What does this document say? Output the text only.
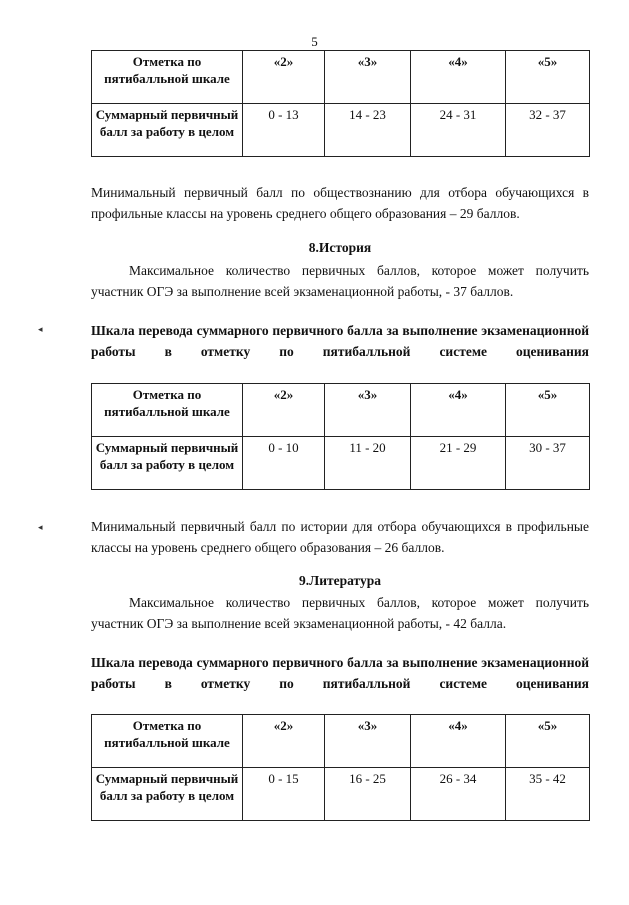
5
Отметка по пятибалльной шкале	«2»	«3»	«4»	«5»
Суммарный первичный балл за работу в целом	0 - 13	14 - 23	24 - 31	32 - 37
Минимальный первичный балл по обществознанию для отбора обучающихся в профильные классы на уровень среднего общего образования – 29 баллов.
8.История
Максимальное количество первичных баллов, которое может получить участник ОГЭ за выполнение всей экзаменационной работы, - 37 баллов.
◂	Шкала перевода суммарного первичного балла за выполнение экзаменационной работы в отметку по пятибалльной системе оценивания
Отметка по пятибалльной шкале	«2»	«3»	«4»	«5»
Суммарный первичный балл за работу в целом	0 - 10	11 - 20	21 - 29	30 - 37
◂	Минимальный первичный балл по истории для отбора обучающихся в профильные классы на уровень среднего общего образования – 26 баллов.
9.Литература
Максимальное количество первичных баллов, которое может получить участник ОГЭ за выполнение всей экзаменационной работы, - 42 балла.
Шкала перевода суммарного первичного балла за выполнение экзаменационной работы в отметку по пятибалльной системе оценивания
Отметка по пятибалльной шкале	«2»	«3»	«4»	«5»
Суммарный первичный балл за работу в целом	0 - 15	16 - 25	26 - 34	35 - 42
